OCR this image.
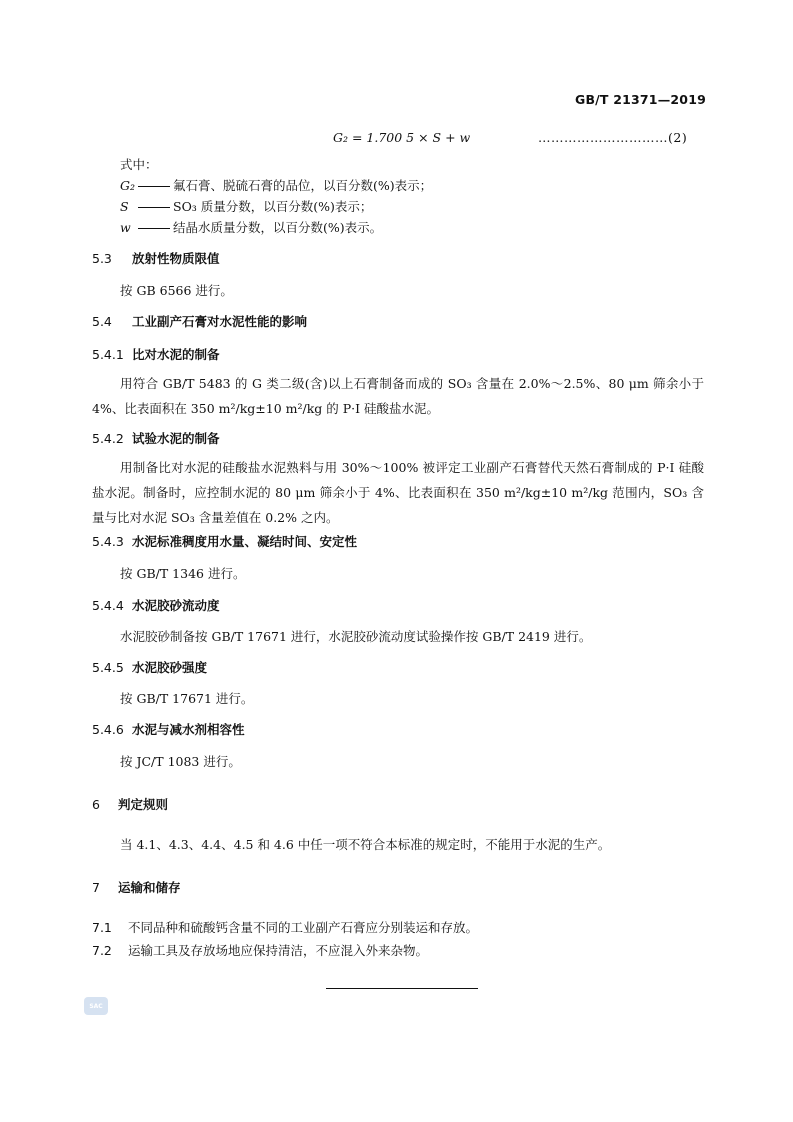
GB/T 21371—2019
G₂ = 1.700 5 × S + w	…………………………(2)
式中：
G₂	氟石膏、脱硫石膏的品位，以百分数(%)表示；
S	SO₃ 质量分数，以百分数(%)表示；
w	结晶水质量分数，以百分数(%)表示。
5.3 放射性物质限值
按 GB 6566 进行。
5.4 工业副产石膏对水泥性能的影响
5.4.1 比对水泥的制备
用符合 GB/T 5483 的 G 类二级(含)以上石膏制备而成的 SO₃ 含量在 2.0%～2.5%、80 μm 筛余小于 4%、比表面积在 350 m²/kg±10 m²/kg 的 P·I 硅酸盐水泥。
5.4.2 试验水泥的制备
用制备比对水泥的硅酸盐水泥熟料与用 30%～100% 被评定工业副产石膏替代天然石膏制成的 P·I 硅酸盐水泥。制备时，应控制水泥的 80 μm 筛余小于 4%、比表面积在 350 m²/kg±10 m²/kg 范围内，SO₃ 含量与比对水泥 SO₃ 含量差值在 0.2% 之内。
5.4.3 水泥标准稠度用水量、凝结时间、安定性
按 GB/T 1346 进行。
5.4.4 水泥胶砂流动度
水泥胶砂制备按 GB/T 17671 进行，水泥胶砂流动度试验操作按 GB/T 2419 进行。
5.4.5 水泥胶砂强度
按 GB/T 17671 进行。
5.4.6 水泥与减水剂相容性
按 JC/T 1083 进行。
6 判定规则
当 4.1、4.3、4.4、4.5 和 4.6 中任一项不符合本标准的规定时，不能用于水泥的生产。
7 运输和储存
7.1 不同品种和硫酸钙含量不同的工业副产石膏应分别装运和存放。
7.2 运输工具及存放场地应保持清洁，不应混入外来杂物。
SAC
